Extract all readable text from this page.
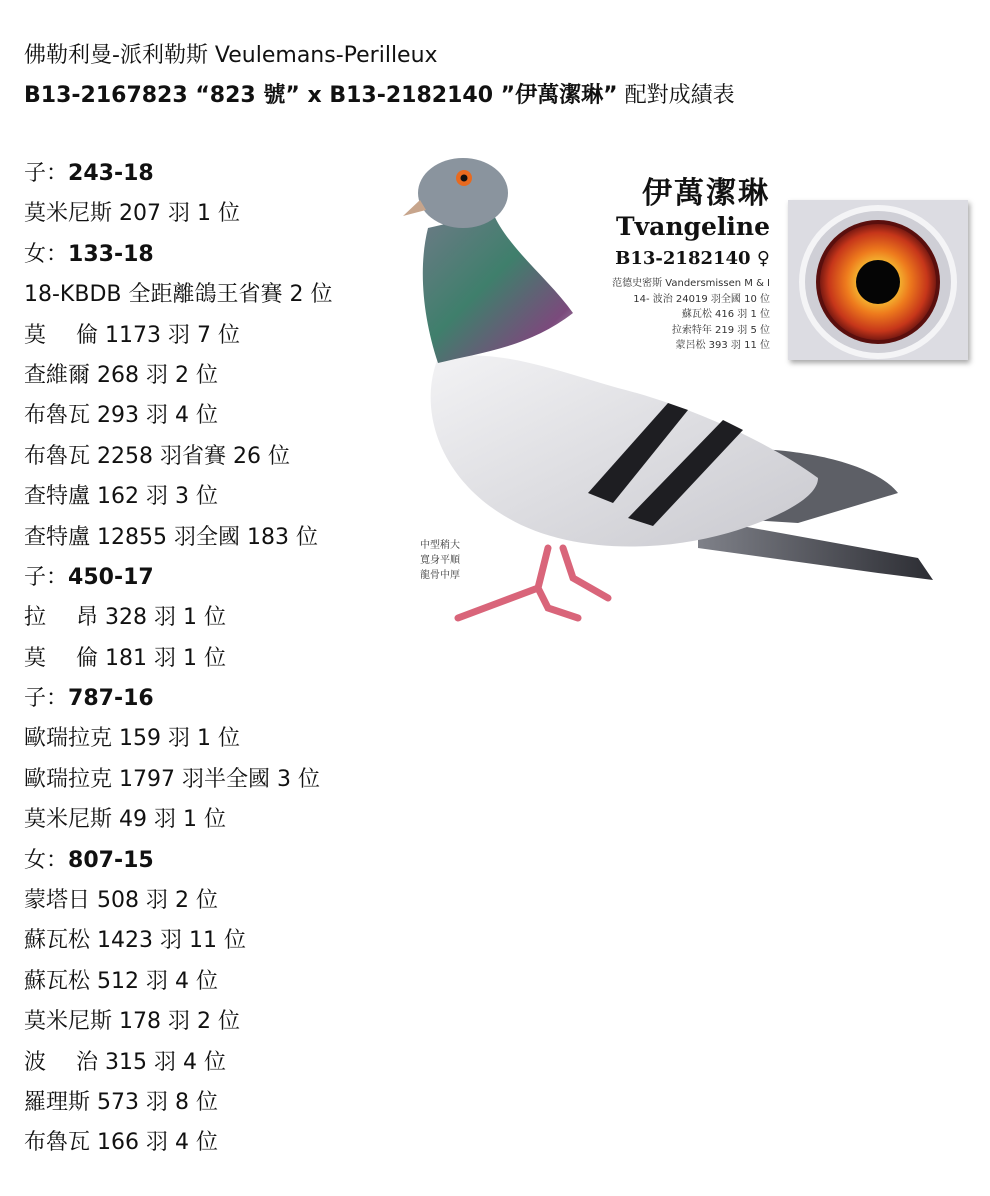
佛勒利曼-派利勒斯 Veulemans-Perilleux
B13-2167823 “823 號” x B13-2182140 ”伊萬潔琳” 配對成績表
子：243-18
莫米尼斯 207 羽 1 位
女：133-18
18-KBDB 全距離鴿王省賽 2 位
莫 倫 1173 羽 7 位
查維爾 268 羽 2 位
布魯瓦 293 羽 4 位
布魯瓦 2258 羽省賽 26 位
查特盧 162 羽 3 位
查特盧 12855 羽全國 183 位
子：450-17
拉 昂 328 羽 1 位
莫 倫 181 羽 1 位
子：787-16
歐瑞拉克 159 羽 1 位
歐瑞拉克 1797 羽半全國 3 位
莫米尼斯 49 羽 1 位
女：807-15
蒙塔日 508 羽 2 位
蘇瓦松 1423 羽 11 位
蘇瓦松 512 羽 4 位
莫米尼斯 178 羽 2 位
波 治 315 羽 4 位
羅理斯 573 羽 8 位
布魯瓦 166 羽 4 位
伊萬潔琳
Tvangeline
B13-2182140 ♀
范德史密斯 Vandersmissen M & I
14- 波治 24019 羽全國 10 位
蘇瓦松 416 羽 1 位
拉索特年 219 羽 5 位
蒙呂松 393 羽 11 位
中型稍大
寬身平順
龍骨中厚
